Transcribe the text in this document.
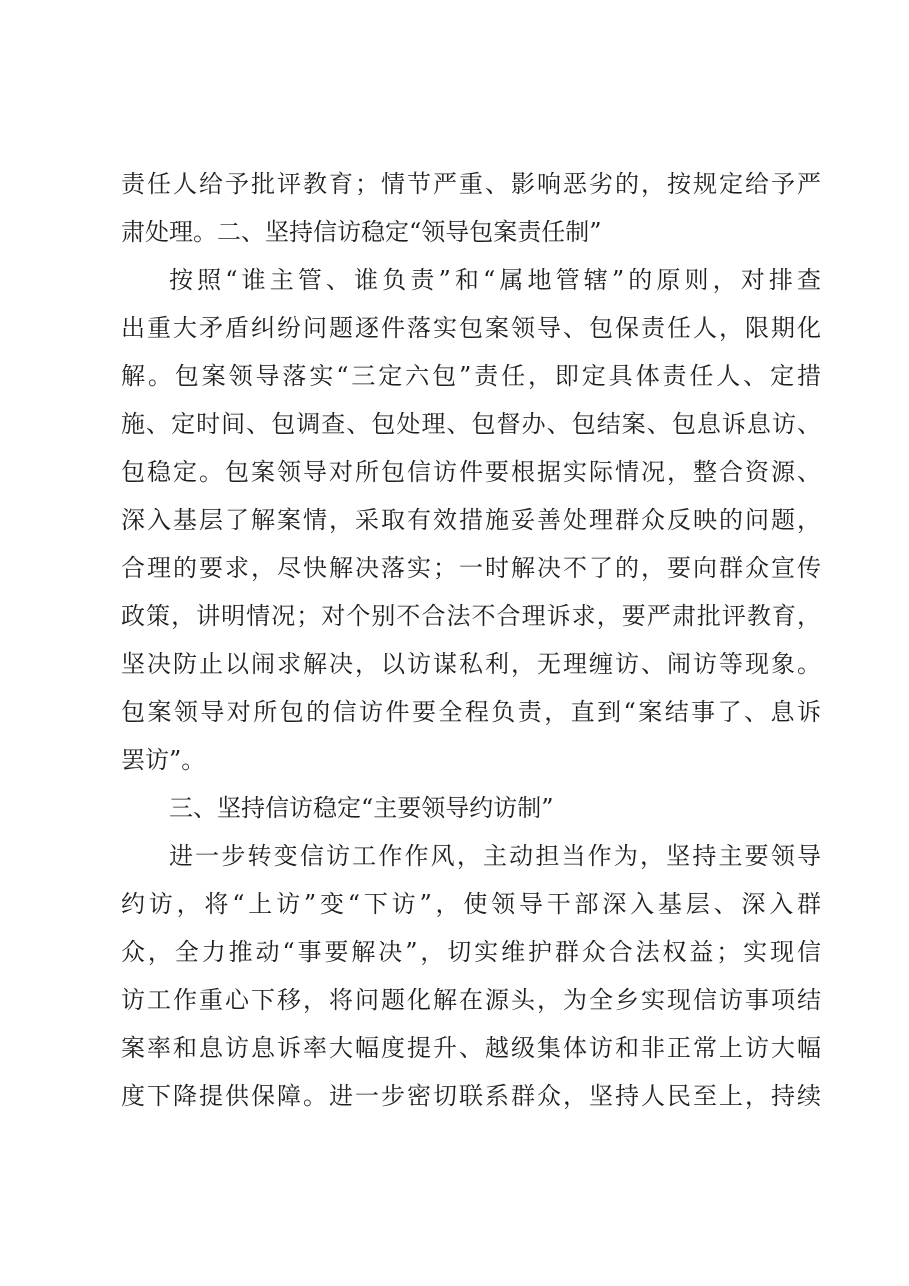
责任人给予批评教育；情节严重、影响恶劣的，按规定给予严
肃处理。二、坚持信访稳定“领导包案责任制”
按照“谁主管、谁负责”和“属地管辖”的原则，对排查
出重大矛盾纠纷问题逐件落实包案领导、包保责任人，限期化
解。包案领导落实“三定六包”责任，即定具体责任人、定措
施、定时间、包调查、包处理、包督办、包结案、包息诉息访、
包稳定。包案领导对所包信访件要根据实际情况，整合资源、
深入基层了解案情，采取有效措施妥善处理群众反映的问题，
合理的要求，尽快解决落实；一时解决不了的，要向群众宣传
政策，讲明情况；对个别不合法不合理诉求，要严肃批评教育，
坚决防止以闹求解决，以访谋私利，无理缠访、闹访等现象。
包案领导对所包的信访件要全程负责，直到“案结事了、息诉
罢访”。
三、坚持信访稳定“主要领导约访制”
进一步转变信访工作作风，主动担当作为，坚持主要领导
约访，将“上访”变“下访”，使领导干部深入基层、深入群
众，全力推动“事要解决”，切实维护群众合法权益；实现信
访工作重心下移，将问题化解在源头，为全乡实现信访事项结
案率和息访息诉率大幅度提升、越级集体访和非正常上访大幅
度下降提供保障。进一步密切联系群众，坚持人民至上，持续
